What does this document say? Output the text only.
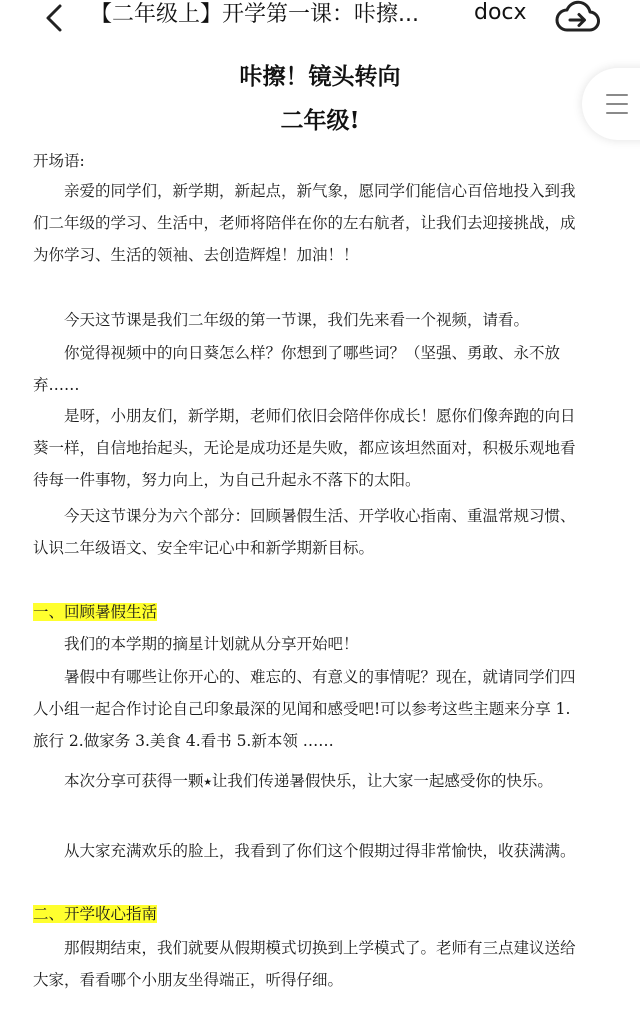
【二年级上】开学第一课：咔擦...	docx
咔擦！镜头转向
二年级!
开场语:
亲爱的同学们，新学期，新起点，新气象，愿同学们能信心百倍地投入到我
们二年级的学习、生活中，老师将陪伴在你的左右航者，让我们去迎接挑战，成
为你学习、生活的领袖、去创造辉煌！加油！！
今天这节课是我们二年级的第一节课，我们先来看一个视频，请看。
你觉得视频中的向日葵怎么样？你想到了哪些词？（坚强、勇敢、永不放
弃……
是呀，小朋友们，新学期，老师们依旧会陪伴你成长！愿你们像奔跑的向日
葵一样，自信地抬起头，无论是成功还是失败，都应该坦然面对，积极乐观地看
待每一件事物，努力向上，为自己升起永不落下的太阳。
今天这节课分为六个部分：回顾暑假生活、开学收心指南、重温常规习惯、
认识二年级语文、安全牢记心中和新学期新目标。
一、回顾暑假生活
我们的本学期的摘星计划就从分享开始吧！
暑假中有哪些让你开心的、难忘的、有意义的事情呢？现在，就请同学们四
人小组一起合作讨论自己印象最深的见闻和感受吧!可以参考这些主题来分享 1.
旅行 2.做家务 3.美食 4.看书 5.新本领 ……
本次分享可获得一颗⭑让我们传递暑假快乐，让大家一起感受你的快乐。
从大家充满欢乐的脸上，我看到了你们这个假期过得非常愉快，收获满满。
二、开学收心指南
那假期结束，我们就要从假期模式切换到上学模式了。老师有三点建议送给
大家，看看哪个小朋友坐得端正，听得仔细。
